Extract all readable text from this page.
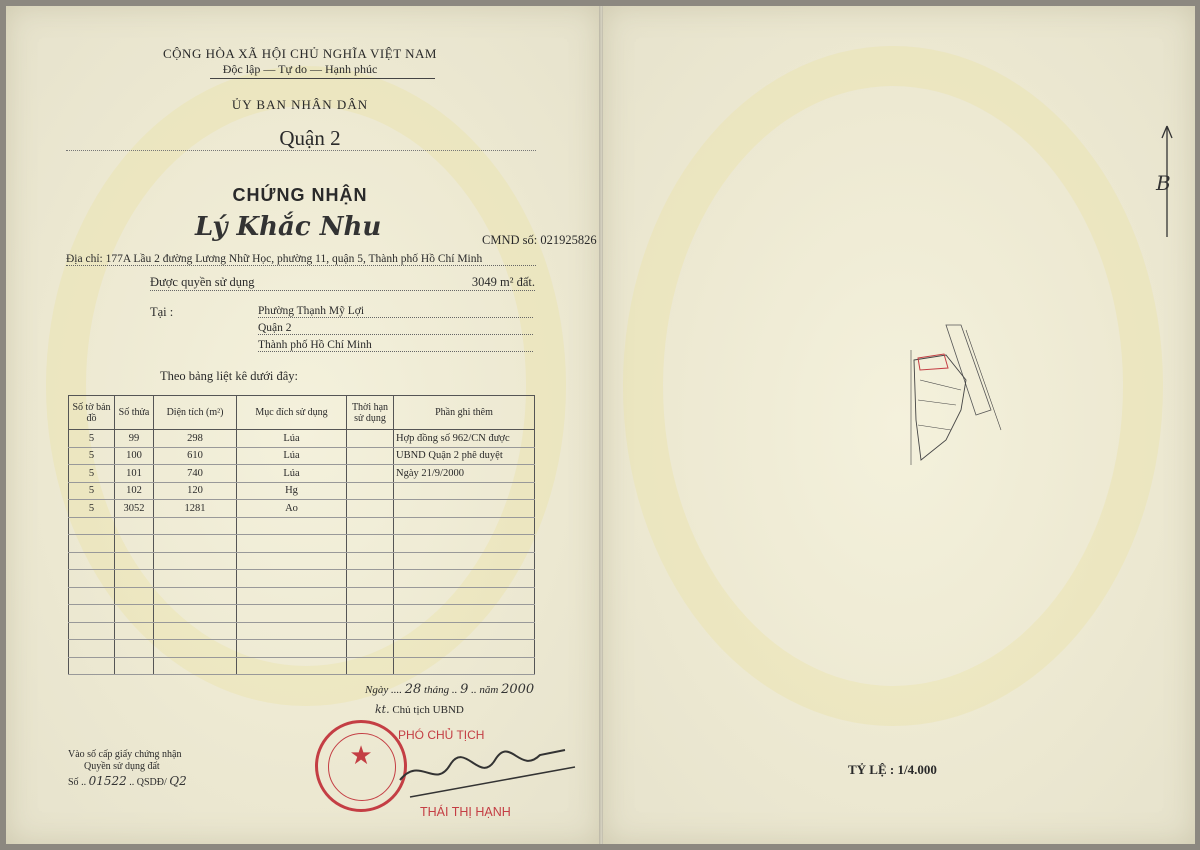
CỘNG HÒA XÃ HỘI CHỦ NGHĨA VIỆT NAM
Độc lập — Tự do — Hạnh phúc
ỦY BAN NHÂN DÂN
Quận 2
CHỨNG NHẬN
Lý Khắc Nhu	CMND số: 021925826
Địa chỉ: 177A Lầu 2 đường Lương Nhữ Học, phường 11, quận 5, Thành phố Hồ Chí Minh
Được quyền sử dụng	3049 m² đất.
Tại :	Phường Thạnh Mỹ Lợi
Quận 2
Thành phố Hồ Chí Minh
Theo bảng liệt kê dưới đây:
Số tờ bản đồ	Số thửa	Diện tích (m²)	Mục đích sử dụng	Thời hạn sử dụng	Phần ghi thêm
5	99	298	Lúa		Hợp đồng số 962/CN được
5	100	610	Lúa		UBND Quận 2 phê duyệt
5	101	740	Lúa		Ngày 21/9/2000
5	102	120	Hg		
5	3052	1281	Ao		

Ngày .... 28 tháng .. 9 .. năm 2000
kt. Chủ tịch UBND
★
PHÓ CHỦ TỊCH
THÁI THỊ HẠNH
Vào số cấp giấy chứng nhận
Quyền sử dụng đất
Số .. 01522 .. QSDĐ/ Q2
B
TỶ LỆ : 1/4.000
